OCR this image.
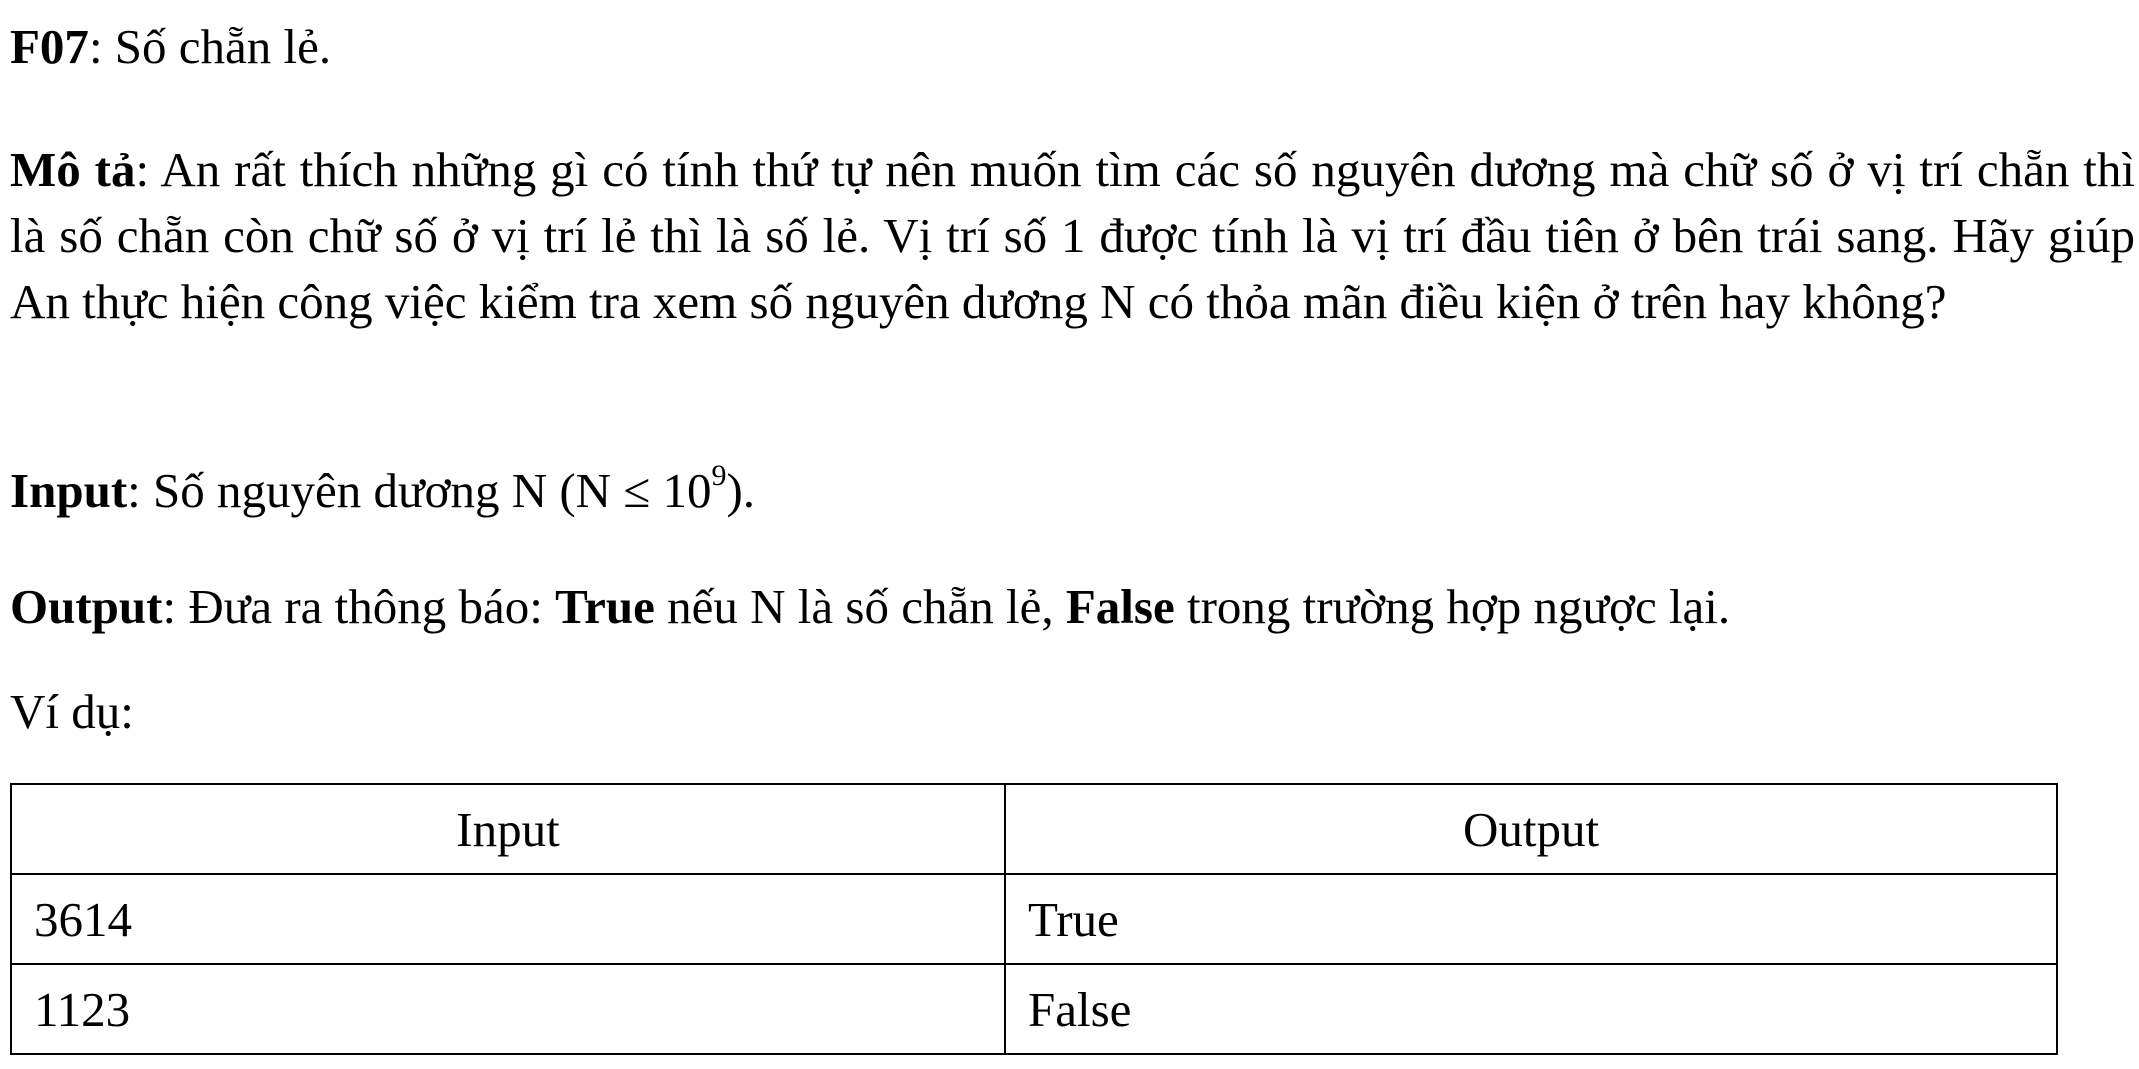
F07: Số chẵn lẻ.
Mô tả: An rất thích những gì có tính thứ tự nên muốn tìm các số nguyên dương mà chữ số ở vị trí chẵn thì là số chẵn còn chữ số ở vị trí lẻ thì là số lẻ. Vị trí số 1 được tính là vị trí đầu tiên ở bên trái sang. Hãy giúp An thực hiện công việc kiểm tra xem số nguyên dương N có thỏa mãn điều kiện ở trên hay không?
Input: Số nguyên dương N $(N \le 10^9)$.
Output: Đưa ra thông báo: True nếu N là số chẵn lẻ, False trong trường hợp ngược lại.
Ví dụ:
Input	Output
3614	True
1123	False
